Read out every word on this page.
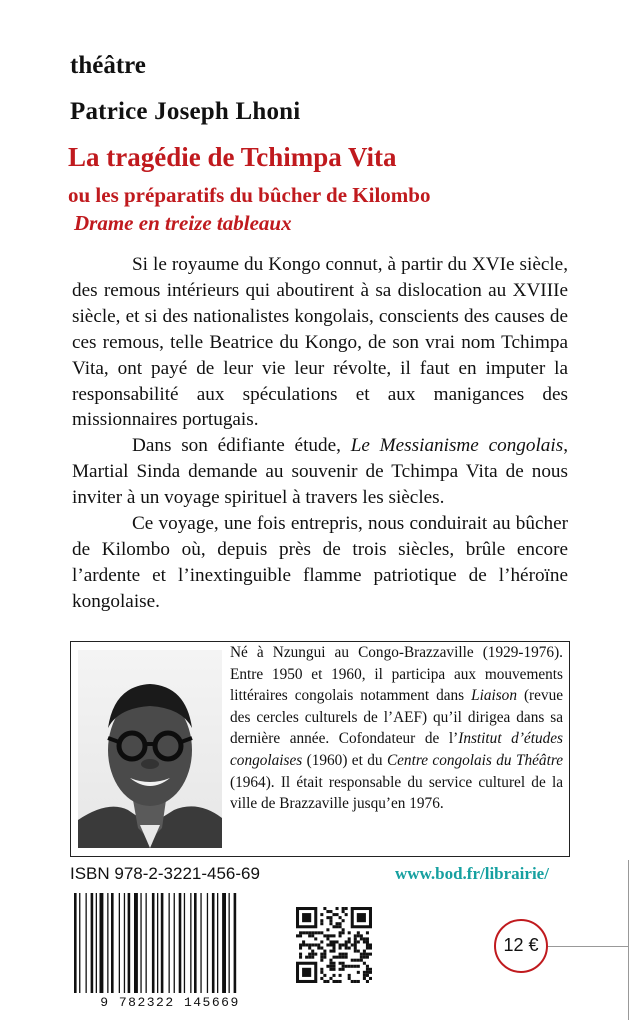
théâtre
Patrice Joseph Lhoni
La tragédie de Tchimpa Vita
ou les préparatifs du bûcher de Kilombo
Drame en treize tableaux

Si le royaume du Kongo connut, à partir du XVIe siècle, des remous intérieurs qui aboutirent à sa dislocation au XVIIIe siècle, et si des nationalistes kongolais, conscients des causes de ces remous, telle Beatrice du Kongo, de son vrai nom Tchimpa Vita, ont payé de leur vie leur révolte, il faut en imputer la responsabilité aux spéculations et aux manigances des missionnaires portugais.

Dans son édifiante étude, Le Messianisme congolais, Martial Sinda demande au souvenir de Tchimpa Vita de nous inviter à un voyage spirituel à travers les siècles.

Ce voyage, une fois entrepris, nous conduirait au bûcher de Kilombo où, depuis près de trois siècles, brûle encore l’ardente et l’inextinguible flamme patriotique de l’héroïne kongolaise.

Né à Nzungui au Congo-Brazzaville (1929-1976). Entre 1950 et 1960, il participa aux mouvements littéraires congolais notamment dans Liaison (revue des cercles culturels de l’AEF) qu’il dirigea dans sa dernière année. Cofondateur de l’Institut d’études congolaises (1960) et du Centre congolais du Théâtre (1964). Il était responsable du service culturel de la ville de Brazzaville jusqu’en 1976.
ISBN 978-2-3221-456-69	www.bod.fr/librairie/
9 782322 145669
12 €
